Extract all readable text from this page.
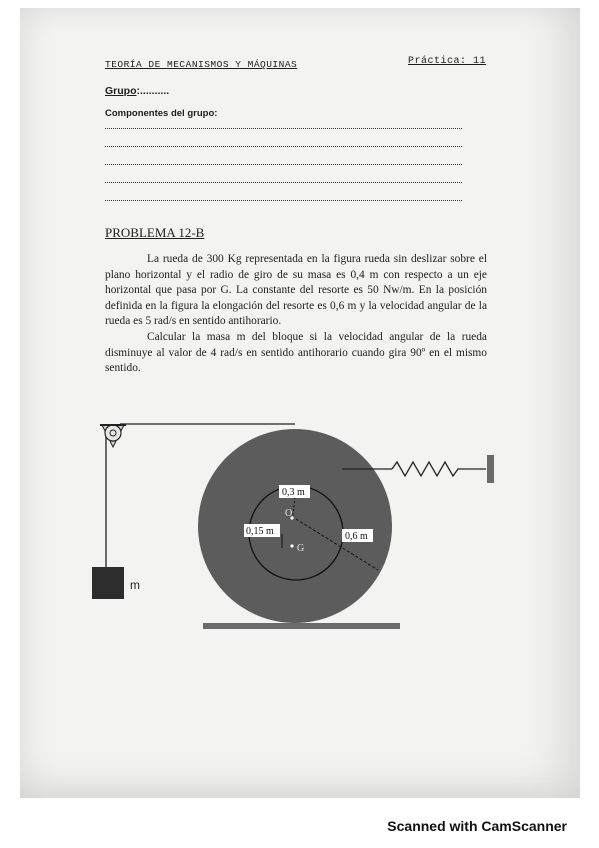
TEORÍA DE MECANISMOS Y MÁQUINAS	Práctica: 11
Grupo:..........
Componentes del grupo:
PROBLEMA 12-B

La rueda de 300 Kg representada en la figura rueda sin deslizar sobre el plano horizontal y el radio de giro de su masa es 0,4 m con respecto a un eje horizontal que pasa por G. La constante del resorte es 50 Nw/m. En la posición definida en la figura la elongación del resorte es 0,6 m y la velocidad angular de la rueda es 5 rad/s en sentido antihorario.

Calcular la masa m del bloque si la velocidad angular de la rueda disminuye al valor de 4 rad/s en sentido antihorario cuando gira 90º en el mismo sentido.

m
0,3 m
0,15 m	0,6 m
O
G
Scanned with CamScanner
